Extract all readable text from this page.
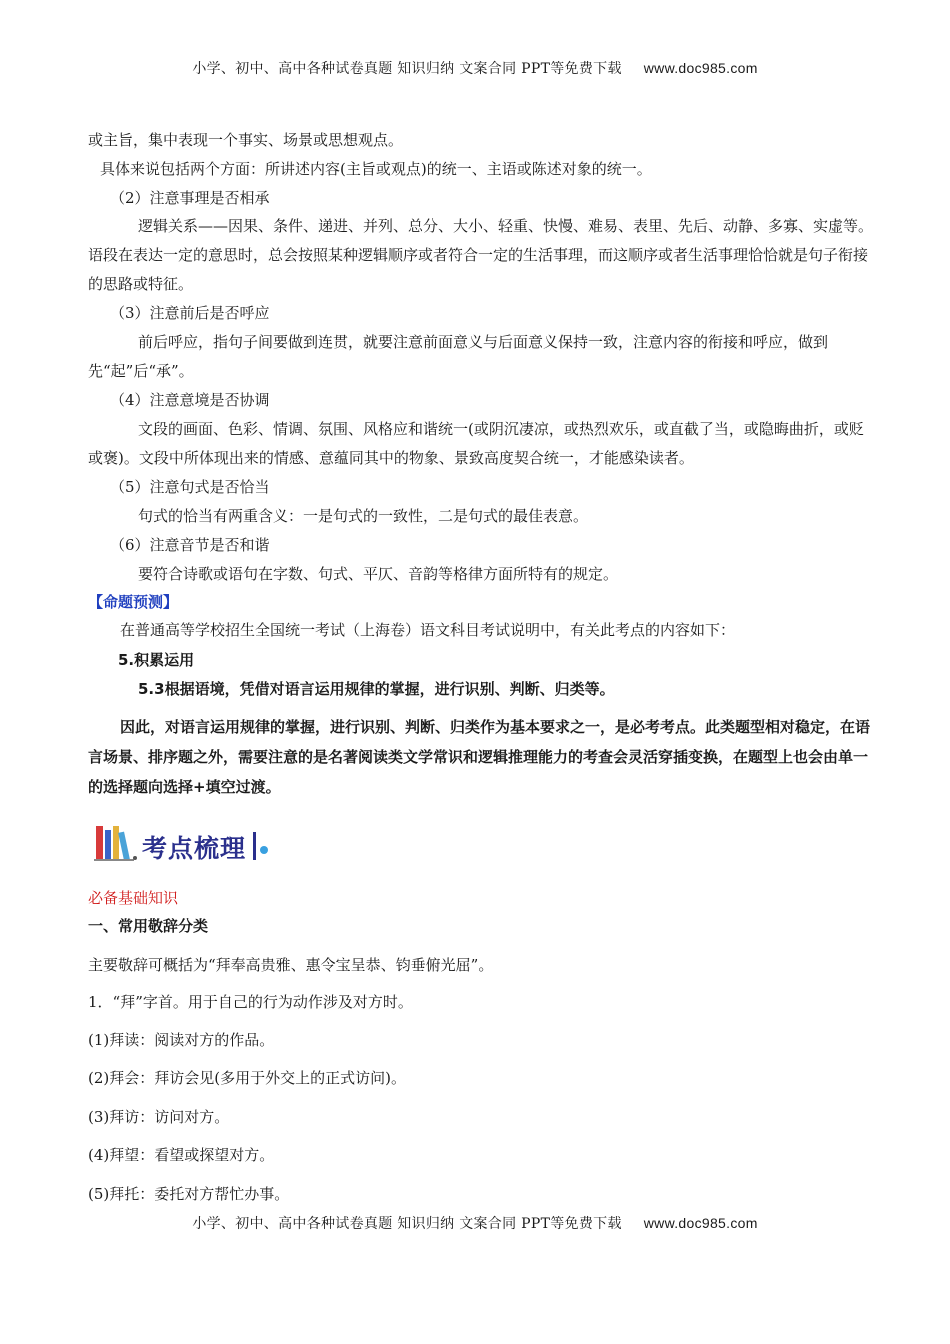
小学、初中、高中各种试卷真题 知识归纳 文案合同 PPT等免费下载 www.doc985.com
或主旨，集中表现一个事实、场景或思想观点。
具体来说包括两个方面：所讲述内容(主旨或观点)的统一、主语或陈述对象的统一。
（2）注意事理是否相承
逻辑关系——因果、条件、递进、并列、总分、大小、轻重、快慢、难易、表里、先后、动静、多寡、实虚等。语段在表达一定的意思时，总会按照某种逻辑顺序或者符合一定的生活事理，而这顺序或者生活事理恰恰就是句子衔接的思路或特征。
（3）注意前后是否呼应
前后呼应，指句子间要做到连贯，就要注意前面意义与后面意义保持一致，注意内容的衔接和呼应，做到先“起”后“承”。
（4）注意意境是否协调
文段的画面、色彩、情调、氛围、风格应和谐统一(或阴沉凄凉，或热烈欢乐，或直截了当，或隐晦曲折，或贬或褒)。文段中所体现出来的情感、意蕴同其中的物象、景致高度契合统一，才能感染读者。
（5）注意句式是否恰当
句式的恰当有两重含义：一是句式的一致性，二是句式的最佳表意。
（6）注意音节是否和谐
要符合诗歌或语句在字数、句式、平仄、音韵等格律方面所特有的规定。
【命题预测】
在普通高等学校招生全国统一考试（上海卷）语文科目考试说明中，有关此考点的内容如下：
5.积累运用
5.3根据语境，凭借对语言运用规律的掌握，进行识别、判断、归类等。
因此，对语言运用规律的掌握，进行识别、判断、归类作为基本要求之一，是必考考点。此类题型相对稳定，在语言场景、排序题之外，需要注意的是名著阅读类文学常识和逻辑推理能力的考查会灵活穿插变换，在题型上也会由单一的选择题向选择+填空过渡。
考点梳理
必备基础知识
一、常用敬辞分类
主要敬辞可概括为“拜奉高贵雅、惠令宝呈恭、钧垂俯光屈”。
1．“拜”字首。用于自己的行为动作涉及对方时。
(1)拜读：阅读对方的作品。
(2)拜会：拜访会见(多用于外交上的正式访问)。
(3)拜访：访问对方。
(4)拜望：看望或探望对方。
(5)拜托：委托对方帮忙办事。
小学、初中、高中各种试卷真题 知识归纳 文案合同 PPT等免费下载 www.doc985.com
